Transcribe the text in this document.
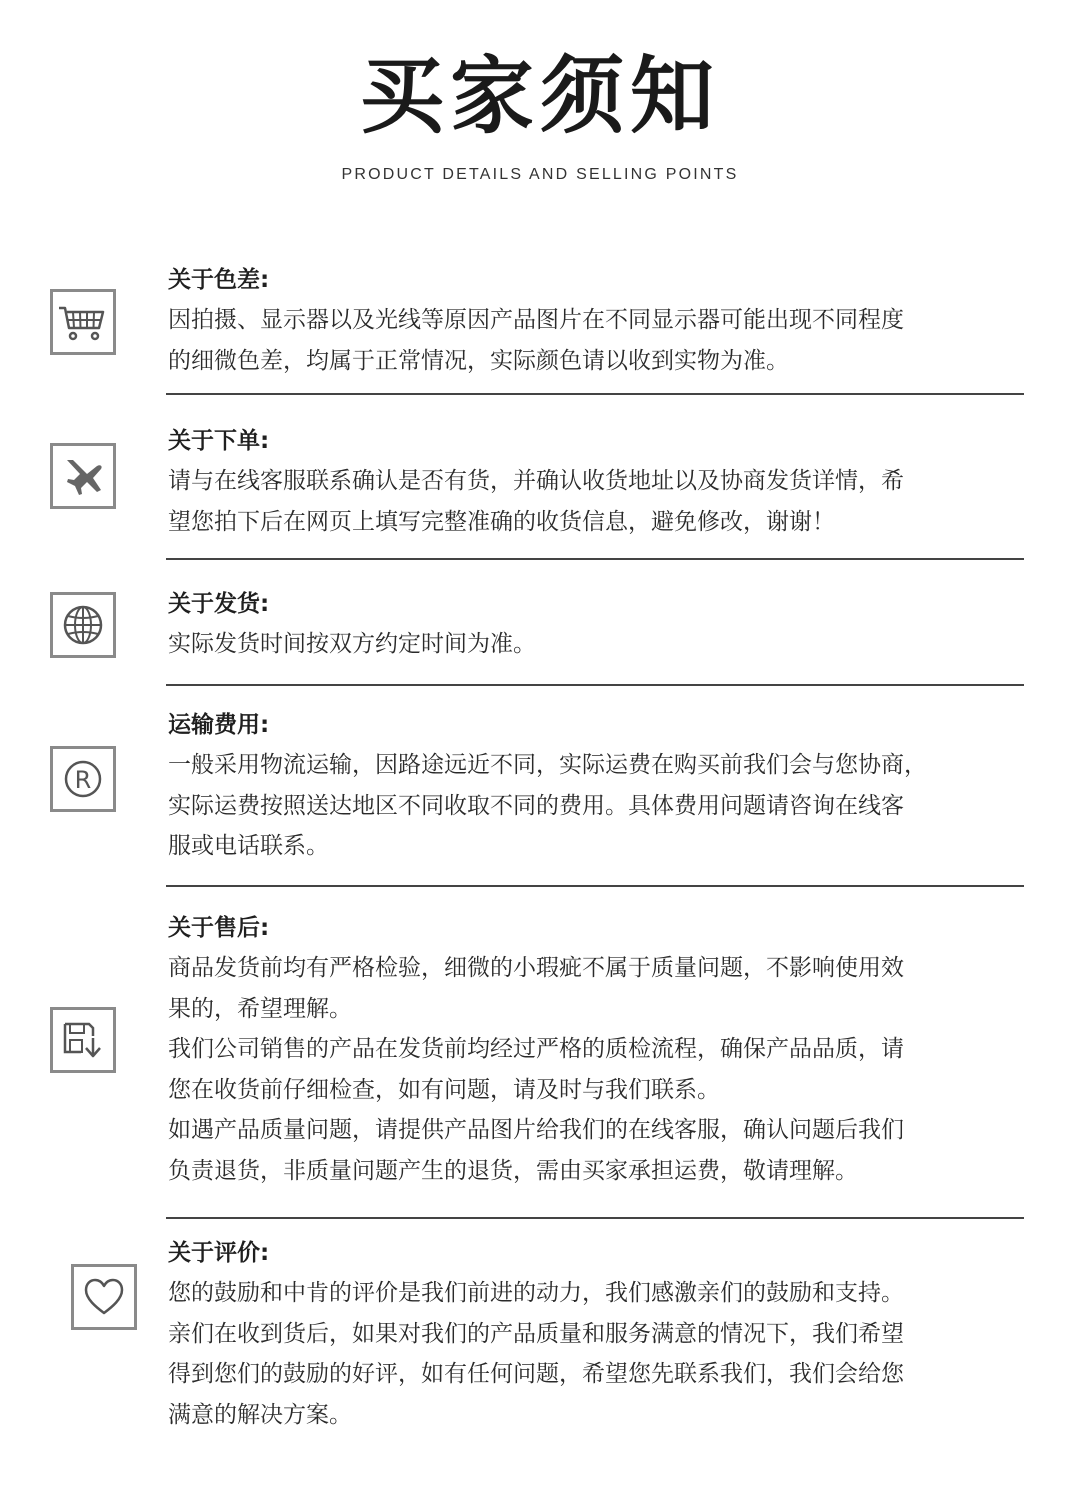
买家须知
PRODUCT DETAILS AND SELLING POINTS
关于色差:
因拍摄、显示器以及光线等原因产品图片在不同显示器可能出现不同程度
的细微色差，均属于正常情况，实际颜色请以收到实物为准。
关于下单:
请与在线客服联系确认是否有货，并确认收货地址以及协商发货详情，希
望您拍下后在网页上填写完整准确的收货信息，避免修改，谢谢！
关于发货:
实际发货时间按双方约定时间为准。
R
运输费用:
一般采用物流运输，因路途远近不同，实际运费在购买前我们会与您协商，
实际运费按照送达地区不同收取不同的费用。具体费用问题请咨询在线客
服或电话联系。
关于售后:
商品发货前均有严格检验，细微的小瑕疵不属于质量问题，不影响使用效
果的，希望理解。
我们公司销售的产品在发货前均经过严格的质检流程，确保产品品质，请
您在收货前仔细检查，如有问题，请及时与我们联系。
如遇产品质量问题，请提供产品图片给我们的在线客服，确认问题后我们
负责退货，非质量问题产生的退货，需由买家承担运费，敬请理解。
关于评价:
您的鼓励和中肯的评价是我们前进的动力，我们感激亲们的鼓励和支持。
亲们在收到货后，如果对我们的产品质量和服务满意的情况下，我们希望
得到您们的鼓励的好评，如有任何问题，希望您先联系我们，我们会给您
满意的解决方案。
